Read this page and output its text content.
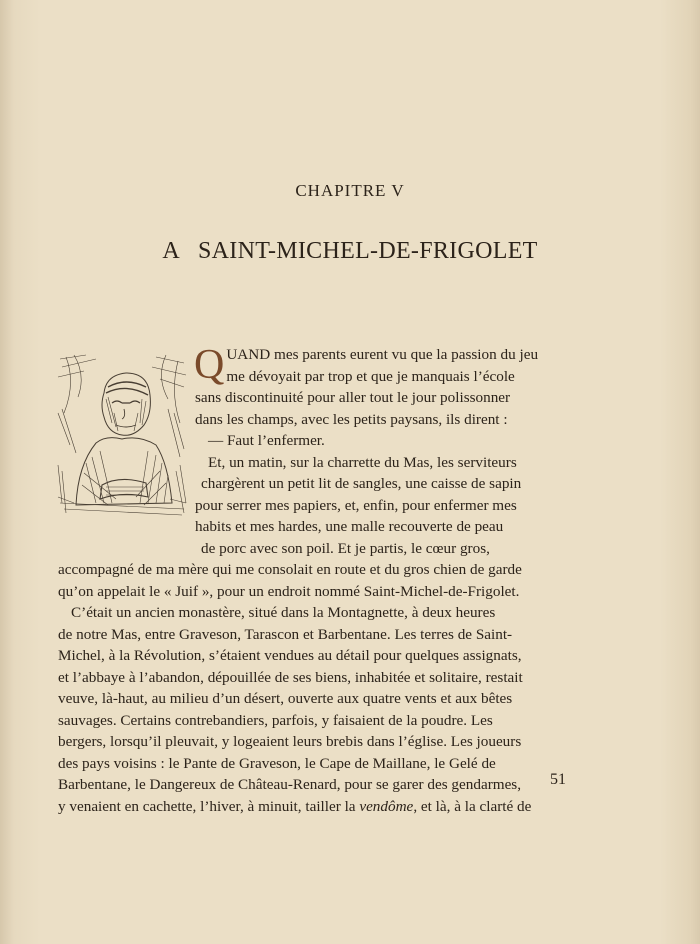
CHAPITRE V
A SAINT-MICHEL-DE-FRIGOLET
QUAND mes parents eurent vu que la passion du jeu
me dévoyait par trop et que je manquais l’école
sans discontinuité pour aller tout le jour polissonner
dans les champs, avec les petits paysans, ils dirent :
— Faut l’enfermer.
Et, un matin, sur la charrette du Mas, les serviteurs
chargèrent un petit lit de sangles, une caisse de sapin
pour serrer mes papiers, et, enfin, pour enfermer mes
habits et mes hardes, une malle recouverte de peau
de porc avec son poil. Et je partis, le cœur gros,
accompagné de ma mère qui me consolait en route et du gros chien de garde
qu’on appelait le « Juif », pour un endroit nommé Saint-Michel-de-Frigolet.
C’était un ancien monastère, situé dans la Montagnette, à deux heures
de notre Mas, entre Graveson, Tarascon et Barbentane. Les terres de Saint-
Michel, à la Révolution, s’étaient vendues au détail pour quelques assignats,
et l’abbaye à l’abandon, dépouillée de ses biens, inhabitée et solitaire, restait
veuve, là-haut, au milieu d’un désert, ouverte aux quatre vents et aux bêtes
sauvages. Certains contrebandiers, parfois, y faisaient de la poudre. Les
bergers, lorsqu’il pleuvait, y logeaient leurs brebis dans l’église. Les joueurs
des pays voisins : le Pante de Graveson, le Cape de Maillane, le Gelé de
Barbentane, le Dangereux de Château-Renard, pour se garer des gendarmes,
y venaient en cachette, l’hiver, à minuit, tailler la vendôme, et là, à la clarté de
51
